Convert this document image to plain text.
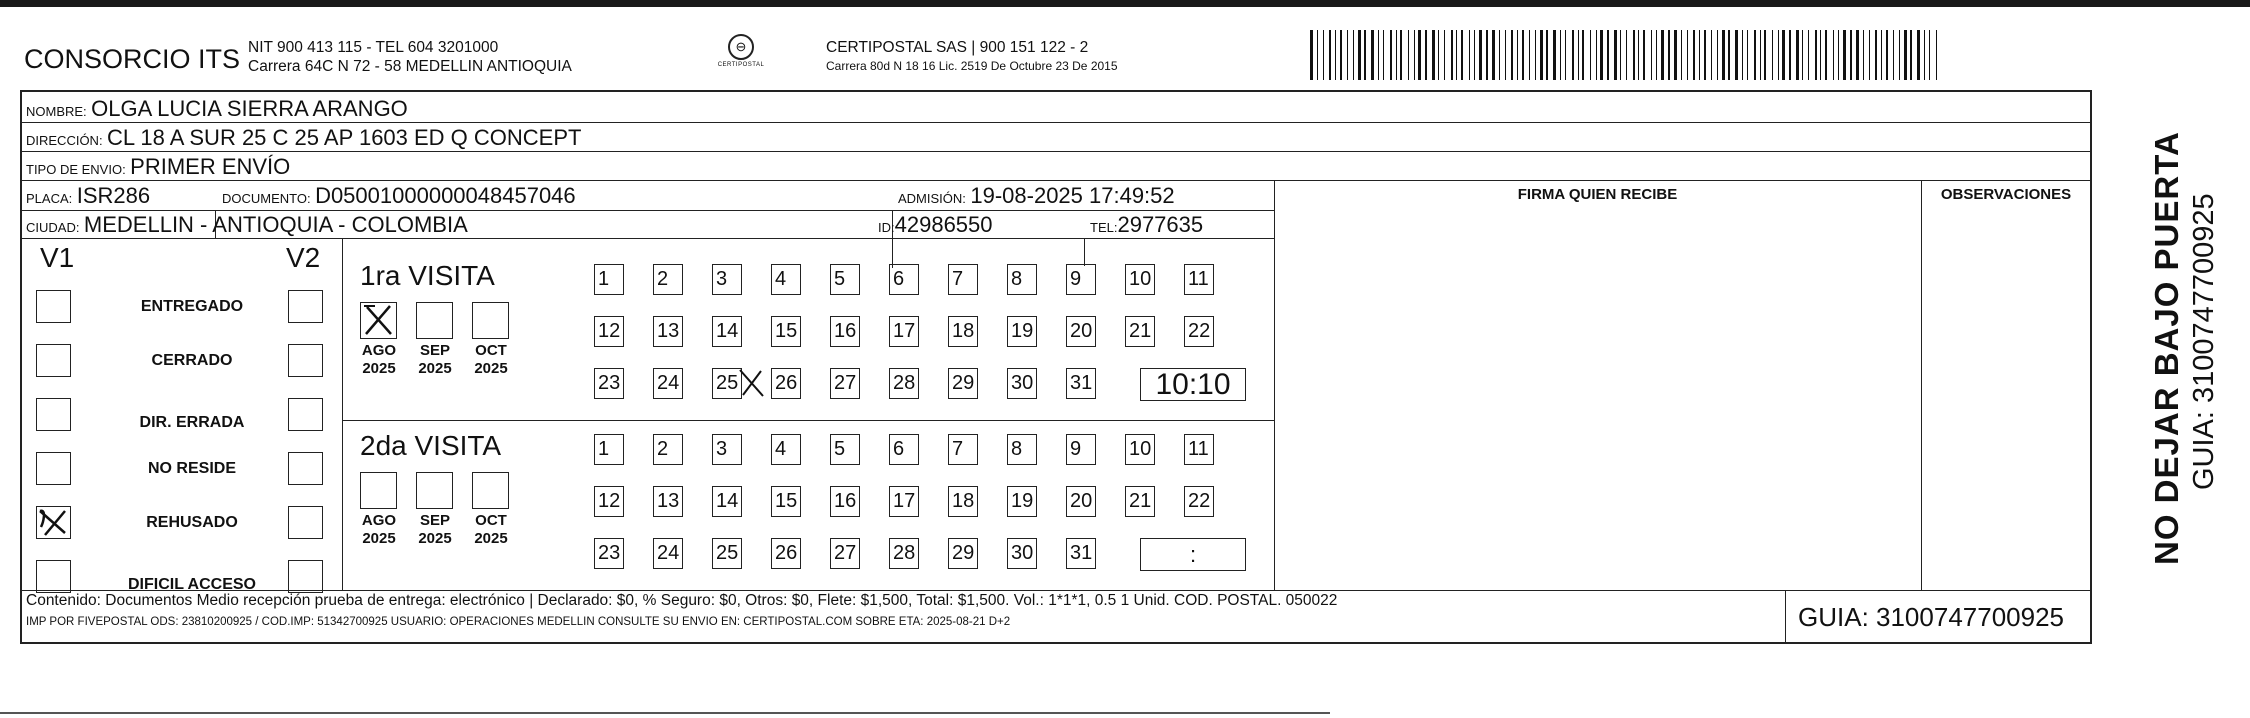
CONSORCIO ITS NIT 900 413 115 - TEL 604 3201000
Carrera 64C N 72 - 58 MEDELLIN ANTIOQUIA
⊖
CERTIPOSTAL
CERTIPOSTAL SAS | 900 151 122 - 2
Carrera 80d N 18 16 Lic. 2519 De Octubre 23 De 2015
NOMBRE: OLGA LUCIA SIERRA ARANGO
DIRECCIÓN: CL 18 A SUR 25 C 25 AP 1603 ED Q CONCEPT
TIPO DE ENVIO: PRIMER ENVÍO
FIRMA QUIEN RECIBE	OBSERVACIONES
PLACA: ISR286	DOCUMENTO: D05001000000048457046	ADMISIÓN: 19-08-2025 17:49:52
CIUDAD: MEDELLIN - ANTIOQUIA - COLOMBIA	ID:42986550	TEL:2977635
V1	V2
ENTREGADO
CERRADO
DIR. ERRADA
NO RESIDE
REHUSADO
DIFICIL ACCESO
1ra VISITA
2da VISITA
AGO
2025
SEP
2025
OCT
2025
1	2	3	4	5	6	7	8	9	10 11
12 13 14 15 16 17 18 19 20 21 22
23 24 25 26 27 28 29 30 31	10:10
AGO
2025
SEP
2025
OCT
2025
1	2	3	4	5	6	7	8	9	10 11
12 13 14 15 16 17 18 19 20 21 22
23 24 25 26 27 28 29 30 31	:
Contenido: Documentos Medio recepción prueba de entrega: electrónico | Declarado: $0, % Seguro: $0, Otros: $0, Flete: $1,500, Total: $1,500. Vol.: 1*1*1, 0.5 1 Unid. COD. POSTAL. 050022
IMP POR FIVEPOSTAL ODS: 23810200925 / COD.IMP: 51342700925 USUARIO: OPERACIONES MEDELLIN CONSULTE SU ENVIO EN: CERTIPOSTAL.COM SOBRE ETA: 2025-08-21 D+2	GUIA: 3100747700925
NO DEJAR BAJO PUERTA GUIA: 3100747700925
